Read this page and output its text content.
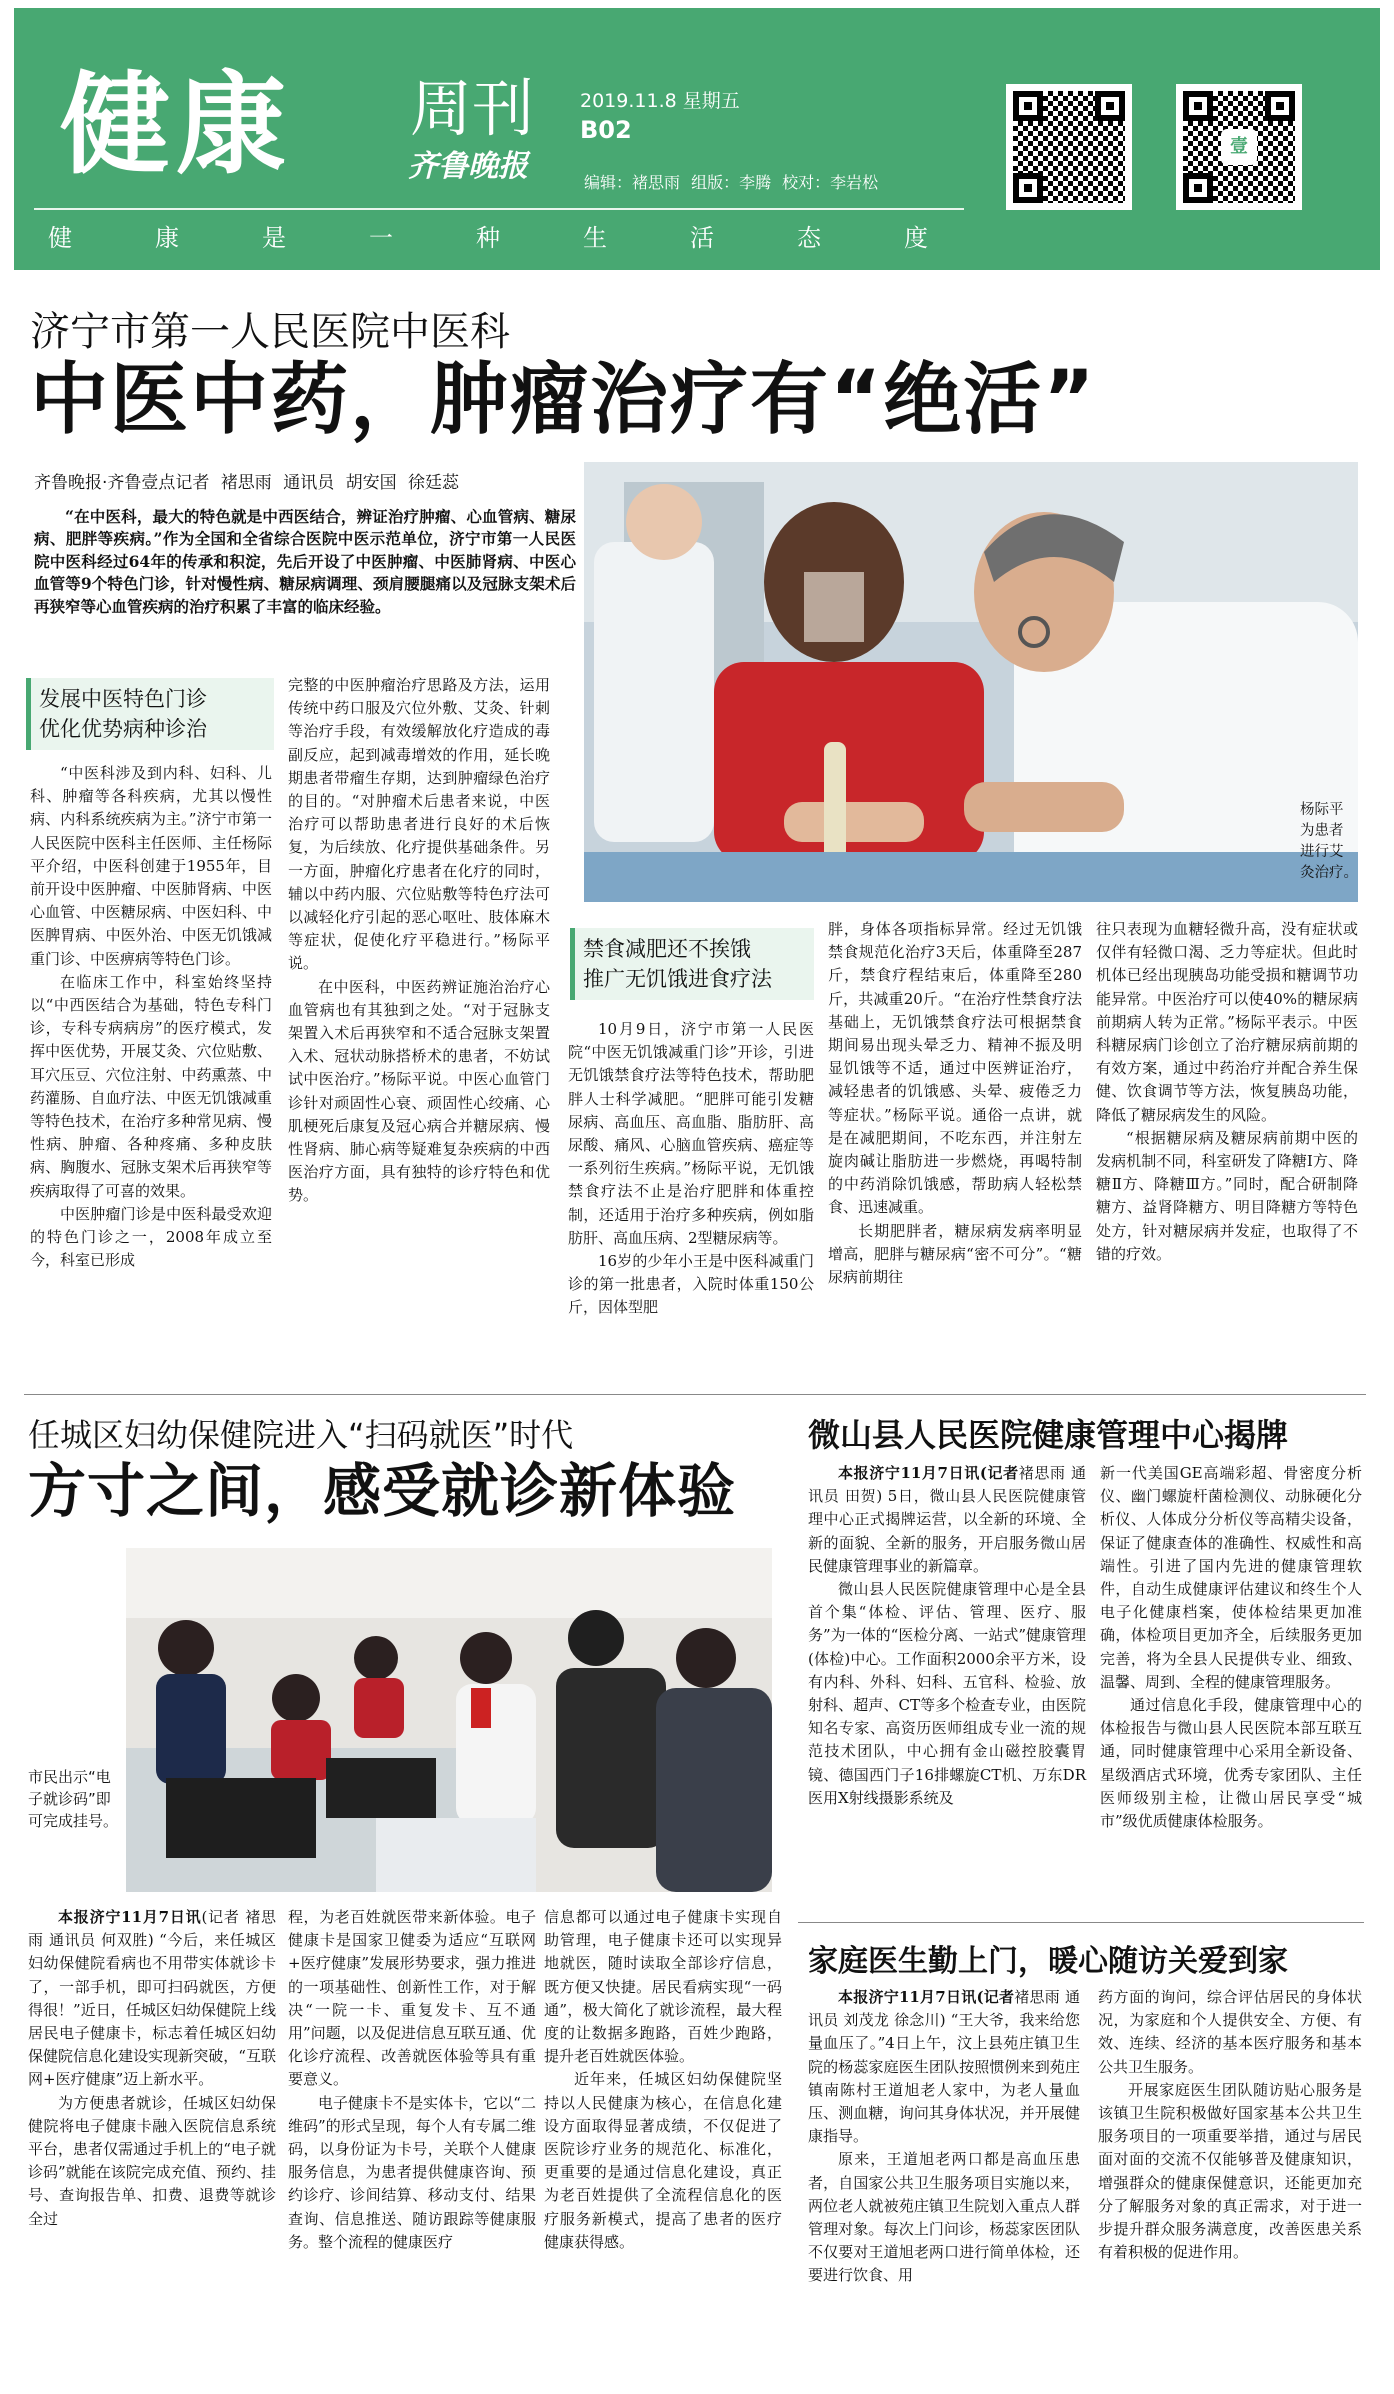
健康 周刊
齐鲁晚报
2019.11.8 星期五
B02
编辑：褚思雨 组版：李腾 校对：李岩松
健	康	是	一	种	生	活	态	度
壹
济宁市第一人民医院中医科
中医中药，肿瘤治疗有“绝活”
齐鲁晚报·齐鲁壹点记者 褚思雨 通讯员 胡安国 徐廷蕊

“在中医科，最大的特色就是中西医结合，辨证治疗肿瘤、心血管病、糖尿病、肥胖等疾病。”作为全国和全省综合医院中医示范单位，济宁市第一人民医院中医科经过64年的传承和积淀，先后开设了中医肿瘤、中医肺肾病、中医心血管等9个特色门诊，针对慢性病、糖尿病调理、颈肩腰腿痛以及冠脉支架术后再狭窄等心血管疾病的治疗积累了丰富的临床经验。

发展中医特色门诊
优化优势病种诊治

“中医科涉及到内科、妇科、儿科、肿瘤等各科疾病，尤其以慢性病、内科系统疾病为主。”济宁市第一人民医院中医科主任医师、主任杨际平介绍，中医科创建于1955年，目前开设中医肿瘤、中医肺肾病、中医心血管、中医糖尿病、中医妇科、中医脾胃病、中医外治、中医无饥饿减重门诊、中医痹病等特色门诊。

在临床工作中，科室始终坚持以“中西医结合为基础，特色专科门诊，专科专病病房”的医疗模式，发挥中医优势，开展艾灸、穴位贴敷、耳穴压豆、穴位注射、中药熏蒸、中药灌肠、自血疗法、中医无饥饿减重等特色技术，在治疗多种常见病、慢性病、肿瘤、各种疼痛、多种皮肤病、胸腹水、冠脉支架术后再狭窄等疾病取得了可喜的效果。

中医肿瘤门诊是中医科最受欢迎的特色门诊之一，2008年成立至今，科室已形成

完整的中医肿瘤治疗思路及方法，运用传统中药口服及穴位外敷、艾灸、针刺等治疗手段，有效缓解放化疗造成的毒副反应，起到减毒增效的作用，延长晚期患者带瘤生存期，达到肿瘤绿色治疗的目的。“对肿瘤术后患者来说，中医治疗可以帮助患者进行良好的术后恢复，为后续放、化疗提供基础条件。另一方面，肿瘤化疗患者在化疗的同时，辅以中药内服、穴位贴敷等特色疗法可以减轻化疗引起的恶心呕吐、肢体麻木等症状，促使化疗平稳进行。”杨际平说。

在中医科，中医药辨证施治治疗心血管病也有其独到之处。“对于冠脉支架置入术后再狭窄和不适合冠脉支架置入术、冠状动脉搭桥术的患者，不妨试试中医治疗。”杨际平说。中医心血管门诊针对顽固性心衰、顽固性心绞痛、心肌梗死后康复及冠心病合并糖尿病、慢性肾病、肺心病等疑难复杂疾病的中西医治疗方面，具有独特的诊疗特色和优势。

杨际平
为患者
进行艾
灸治疗。
禁食减肥还不挨饿
推广无饥饿进食疗法

10月9日，济宁市第一人民医院“中医无饥饿减重门诊”开诊，引进无饥饿禁食疗法等特色技术，帮助肥胖人士科学减肥。“肥胖可能引发糖尿病、高血压、高血脂、脂肪肝、高尿酸、痛风、心脑血管疾病、癌症等一系列衍生疾病。”杨际平说，无饥饿禁食疗法不止是治疗肥胖和体重控制，还适用于治疗多种疾病，例如脂肪肝、高血压病、2型糖尿病等。

16岁的少年小王是中医科减重门诊的第一批患者，入院时体重150公斤，因体型肥

胖，身体各项指标异常。经过无饥饿禁食规范化治疗3天后，体重降至287斤，禁食疗程结束后，体重降至280斤，共减重20斤。“在治疗性禁食疗法基础上，无饥饿禁食疗法可根据禁食期间易出现头晕乏力、精神不振及明显饥饿等不适，通过中医辨证治疗，减轻患者的饥饿感、头晕、疲倦乏力等症状。”杨际平说。通俗一点讲，就是在减肥期间，不吃东西，并注射左旋肉碱让脂肪进一步燃烧，再喝特制的中药消除饥饿感，帮助病人轻松禁食、迅速减重。

长期肥胖者，糖尿病发病率明显增高，肥胖与糖尿病“密不可分”。“糖尿病前期往

往只表现为血糖轻微升高，没有症状或仅伴有轻微口渴、乏力等症状。但此时机体已经出现胰岛功能受损和糖调节功能异常。中医治疗可以使40%的糖尿病前期病人转为正常。”杨际平表示。中医科糖尿病门诊创立了治疗糖尿病前期的有效方案，通过中药治疗并配合养生保健、饮食调节等方法，恢复胰岛功能，降低了糖尿病发生的风险。

“根据糖尿病及糖尿病前期中医的发病机制不同，科室研发了降糖Ⅰ方、降糖Ⅱ方、降糖Ⅲ方。”同时，配合研制降糖方、益肾降糖方、明目降糖方等特色处方，针对糖尿病并发症，也取得了不错的疗效。

任城区妇幼保健院进入“扫码就医”时代
方寸之间，感受就诊新体验
市民出示“电子就诊码”即可完成挂号。

本报济宁11月7日讯(记者 褚思雨 通讯员 何双胜) “今后，来任城区妇幼保健院看病也不用带实体就诊卡了，一部手机，即可扫码就医，方便得很！”近日，任城区妇幼保健院上线居民电子健康卡，标志着任城区妇幼保健院信息化建设实现新突破，“互联网+医疗健康”迈上新水平。

为方便患者就诊，任城区妇幼保健院将电子健康卡融入医院信息系统平台，患者仅需通过手机上的“电子就诊码”就能在该院完成充值、预约、挂号、查询报告单、扣费、退费等就诊全过

程，为老百姓就医带来新体验。电子健康卡是国家卫健委为适应“互联网+医疗健康”发展形势要求，强力推进的一项基础性、创新性工作，对于解决“一院一卡、重复发卡、互不通用”问题，以及促进信息互联互通、优化诊疗流程、改善就医体验等具有重要意义。

电子健康卡不是实体卡，它以“二维码”的形式呈现，每个人有专属二维码，以身份证为卡号，关联个人健康服务信息，为患者提供健康咨询、预约诊疗、诊间结算、移动支付、结果查询、信息推送、随访跟踪等健康服务。整个流程的健康医疗

信息都可以通过电子健康卡实现自助管理，电子健康卡还可以实现异地就医，随时读取全部诊疗信息，既方便又快捷。居民看病实现“一码通”，极大简化了就诊流程，最大程度的让数据多跑路，百姓少跑路，提升老百姓就医体验。

近年来，任城区妇幼保健院坚持以人民健康为核心，在信息化建设方面取得显著成绩，不仅促进了医院诊疗业务的规范化、标准化，更重要的是通过信息化建设，真正为老百姓提供了全流程信息化的医疗服务新模式，提高了患者的医疗健康获得感。

微山县人民医院健康管理中心揭牌

本报济宁11月7日讯(记者褚思雨 通讯员 田贺) 5日，微山县人民医院健康管理中心正式揭牌运营，以全新的环境、全新的面貌、全新的服务，开启服务微山居民健康管理事业的新篇章。

微山县人民医院健康管理中心是全县首个集“体检、评估、管理、医疗、服务”为一体的“医检分离、一站式”健康管理(体检)中心。工作面积2000余平方米，设有内科、外科、妇科、五官科、检验、放射科、超声、CT等多个检查专业，由医院知名专家、高资历医师组成专业一流的规范技术团队，中心拥有金山磁控胶囊胃镜、德国西门子16排螺旋CT机、万东DR医用X射线摄影系统及

新一代美国GE高端彩超、骨密度分析仪、幽门螺旋杆菌检测仪、动脉硬化分析仪、人体成分分析仪等高精尖设备，保证了健康查体的准确性、权威性和高端性。引进了国内先进的健康管理软件，自动生成健康评估建议和终生个人电子化健康档案，使体检结果更加准确，体检项目更加齐全，后续服务更加完善，将为全县人民提供专业、细致、温馨、周到、全程的健康管理服务。

通过信息化手段，健康管理中心的体检报告与微山县人民医院本部互联互通，同时健康管理中心采用全新设备、星级酒店式环境，优秀专家团队、主任医师级别主检，让微山居民享受“城市”级优质健康体检服务。

家庭医生勤上门，暖心随访关爱到家

本报济宁11月7日讯(记者褚思雨 通讯员 刘茂龙 徐念川) “王大爷，我来给您量血压了。”4日上午，汶上县苑庄镇卫生院的杨蕊家庭医生团队按照惯例来到苑庄镇南陈村王道旭老人家中，为老人量血压、测血糖，询问其身体状况，并开展健康指导。

原来，王道旭老两口都是高血压患者，自国家公共卫生服务项目实施以来，两位老人就被苑庄镇卫生院划入重点人群管理对象。每次上门问诊，杨蕊家医团队不仅要对王道旭老两口进行简单体检，还要进行饮食、用

药方面的询问，综合评估居民的身体状况，为家庭和个人提供安全、方便、有效、连续、经济的基本医疗服务和基本公共卫生服务。

开展家庭医生团队随访贴心服务是该镇卫生院积极做好国家基本公共卫生服务项目的一项重要举措，通过与居民面对面的交流不仅能够普及健康知识，增强群众的健康保健意识，还能更加充分了解服务对象的真正需求，对于进一步提升群众服务满意度，改善医患关系有着积极的促进作用。
